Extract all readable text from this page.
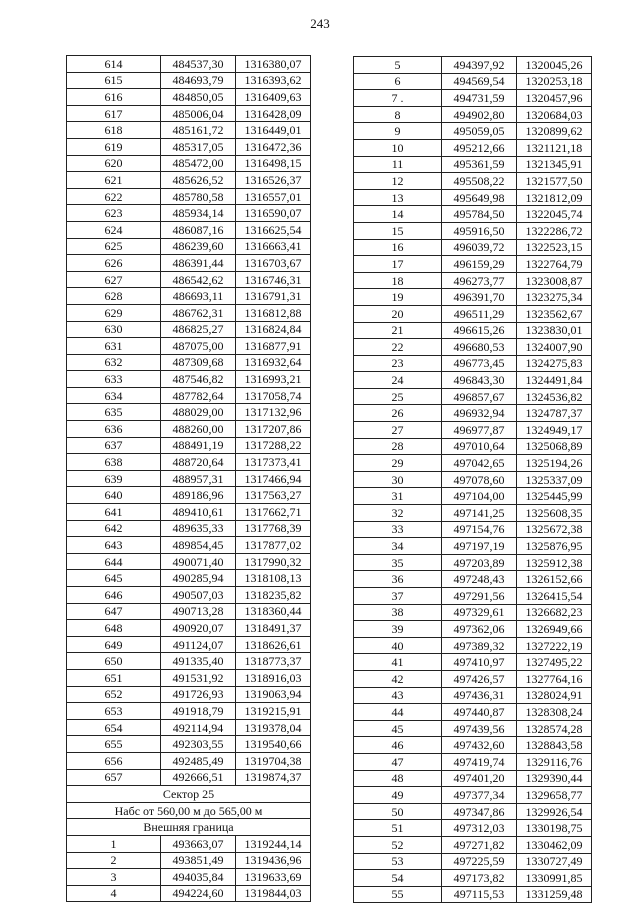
243
614	484537,30	1316380,07
615	484693,79	1316393,62
616	484850,05	1316409,63
617	485006,04	1316428,09
618	485161,72	1316449,01
619	485317,05	1316472,36
620	485472,00	1316498,15
621	485626,52	1316526,37
622	485780,58	1316557,01
623	485934,14	1316590,07
624	486087,16	1316625,54
625	486239,60	1316663,41
626	486391,44	1316703,67
627	486542,62	1316746,31
628	486693,11	1316791,31
629	486762,31	1316812,88
630	486825,27	1316824,84
631	487075,00	1316877,91
632	487309,68	1316932,64
633	487546,82	1316993,21
634	487782,64	1317058,74
635	488029,00	1317132,96
636	488260,00	1317207,86
637	488491,19	1317288,22
638	488720,64	1317373,41
639	488957,31	1317466,94
640	489186,96	1317563,27
641	489410,61	1317662,71
642	489635,33	1317768,39
643	489854,45	1317877,02
644	490071,40	1317990,32
645	490285,94	1318108,13
646	490507,03	1318235,82
647	490713,28	1318360,44
648	490920,07	1318491,37
649	491124,07	1318626,61
650	491335,40	1318773,37
651	491531,92	1318916,03
652	491726,93	1319063,94
653	491918,79	1319215,91
654	492114,94	1319378,04
655	492303,55	1319540,66
656	492485,49	1319704,38
657	492666,51	1319874,37
Сектор 25		
Набс от 560,00 м до 565,00 м		
Внешняя граница		
1	493663,07	1319244,14
2	493851,49	1319436,96
3	494035,84	1319633,69
4	494224,60	1319844,03
5	494397,92	1320045,26
6	494569,54	1320253,18
7 .	494731,59	1320457,96
8	494902,80	1320684,03
9	495059,05	1320899,62
10	495212,66	1321121,18
11	495361,59	1321345,91
12	495508,22	1321577,50
13	495649,98	1321812,09
14	495784,50	1322045,74
15	495916,50	1322286,72
16	496039,72	1322523,15
17	496159,29	1322764,79
18	496273,77	1323008,87
19	496391,70	1323275,34
20	496511,29	1323562,67
21	496615,26	1323830,01
22	496680,53	1324007,90
23	496773,45	1324275,83
24	496843,30	1324491,84
25	496857,67	1324536,82
26	496932,94	1324787,37
27	496977,87	1324949,17
28	497010,64	1325068,89
29	497042,65	1325194,26
30	497078,60	1325337,09
31	497104,00	1325445,99
32	497141,25	1325608,35
33	497154,76	1325672,38
34	497197,19	1325876,95
35	497203,89	1325912,38
36	497248,43	1326152,66
37	497291,56	1326415,54
38	497329,61	1326682,23
39	497362,06	1326949,66
40	497389,32	1327222,19
41	497410,97	1327495,22
42	497426,57	1327764,16
43	497436,31	1328024,91
44	497440,87	1328308,24
45	497439,56	1328574,28
46	497432,60	1328843,58
47	497419,74	1329116,76
48	497401,20	1329390,44
49	497377,34	1329658,77
50	497347,86	1329926,54
51	497312,03	1330198,75
52	497271,82	1330462,09
53	497225,59	1330727,49
54	497173,82	1330991,85
55	497115,53	1331259,48
